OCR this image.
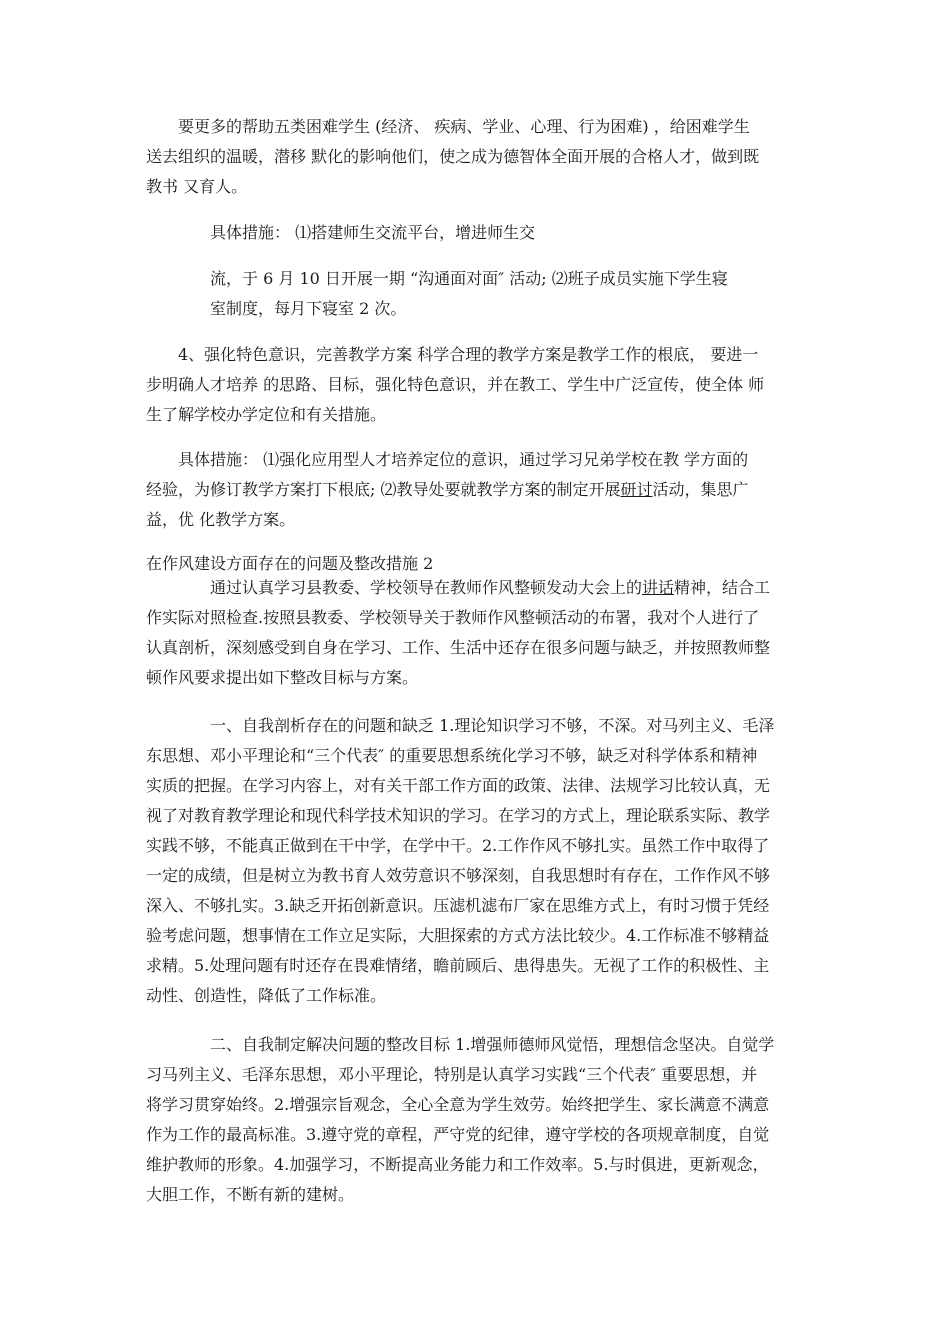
　　要更多的帮助五类困难学生 (经济、 疾病、学业、心理、行为困难) ，给困难学生
送去组织的温暖，潜移 默化的影响他们，使之成为德智体全面开展的合格人才，做到既
教书 又育人。

　　　　具体措施： ⑴搭建师生交流平台，增进师生交

　　　　流，于 6 月 10 日开展一期 “沟通面对面″ 活动; ⑵班子成员实施下学生寝
　　　　室制度，每月下寝室 2 次。

　　4、强化特色意识，完善教学方案 科学合理的教学方案是教学工作的根底， 要进一
步明确人才培养 的思路、目标，强化特色意识，并在教工、学生中广泛宣传，使全体 师
生了解学校办学定位和有关措施。

　　具体措施： ⑴强化应用型人才培养定位的意识，通过学习兄弟学校在教 学方面的
经验，为修订教学方案打下根底; ⑵教导处要就教学方案的制定开展研讨活动，集思广
益，优 化教学方案。

在作风建设方面存在的问题及整改措施 2

　　　　通过认真学习县教委、学校领导在教师作风整顿发动大会上的讲话精神，结合工
作实际对照检查.按照县教委、学校领导关于教师作风整顿活动的布署，我对个人进行了
认真剖析，深刻感受到自身在学习、工作、生活中还存在很多问题与缺乏，并按照教师整
顿作风要求提出如下整改目标与方案。

　　　　一、自我剖析存在的问题和缺乏 1.理论知识学习不够，不深。对马列主义、毛泽
东思想、邓小平理论和“三个代表″ 的重要思想系统化学习不够，缺乏对科学体系和精神
实质的把握。在学习内容上，对有关干部工作方面的政策、法律、法规学习比较认真，无
视了对教育教学理论和现代科学技术知识的学习。在学习的方式上，理论联系实际、教学
实践不够，不能真正做到在干中学，在学中干。2.工作作风不够扎实。虽然工作中取得了
一定的成绩，但是树立为教书育人效劳意识不够深刻，自我思想时有存在，工作作风不够
深入、不够扎实。3.缺乏开拓创新意识。压滤机滤布厂家在思维方式上，有时习惯于凭经
验考虑问题，想事情在工作立足实际，大胆探索的方式方法比较少。4.工作标准不够精益
求精。5.处理问题有时还存在畏难情绪，瞻前顾后、患得患失。无视了工作的积极性、主
动性、创造性，降低了工作标准。

　　　　二、自我制定解决问题的整改目标 1.增强师德师风觉悟，理想信念坚决。自觉学
习马列主义、毛泽东思想，邓小平理论，特别是认真学习实践“三个代表″ 重要思想，并
将学习贯穿始终。2.增强宗旨观念，全心全意为学生效劳。始终把学生、家长满意不满意
作为工作的最高标准。3.遵守党的章程，严守党的纪律，遵守学校的各项规章制度，自觉
维护教师的形象。4.加强学习，不断提高业务能力和工作效率。5.与时俱进，更新观念，
大胆工作，不断有新的建树。
